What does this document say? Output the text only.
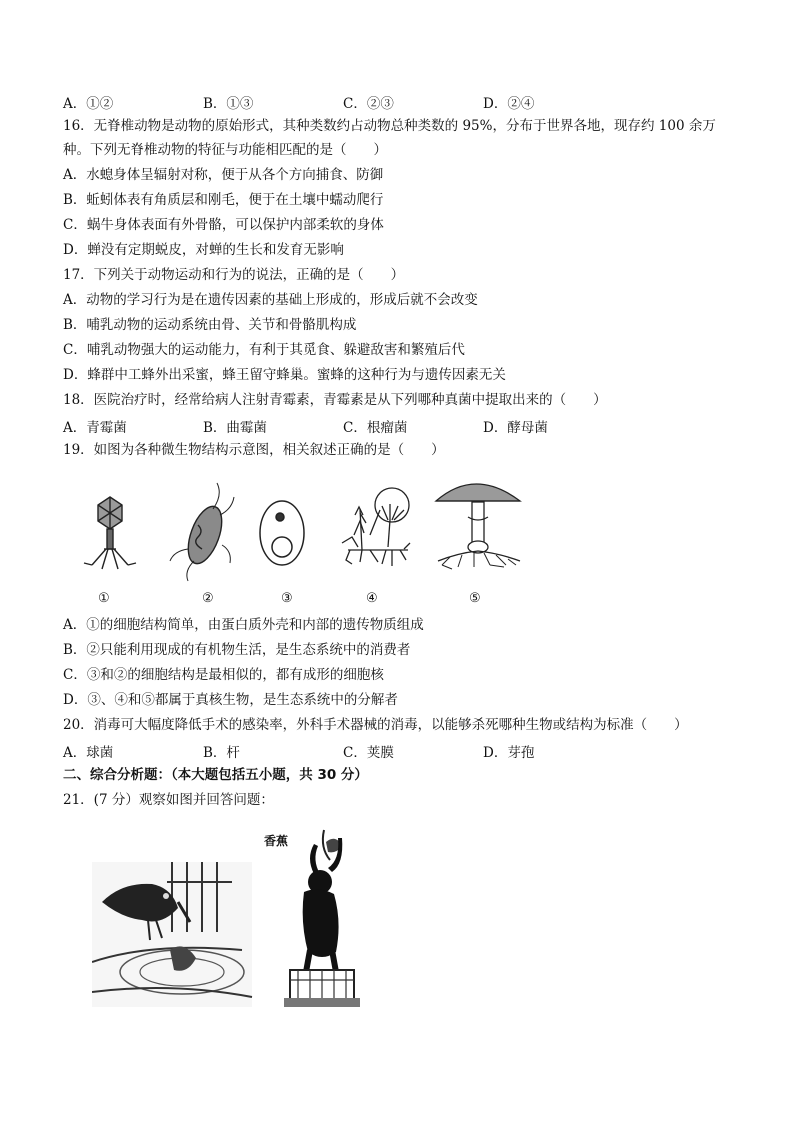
A．①②	B．①③	C．②③	D．②④
16．无脊椎动物是动物的原始形式，其种类数约占动物总种类数的 95%，分布于世界各地，现存约 100 余万
种。下列无脊椎动物的特征与功能相匹配的是（　　）
A．水螅身体呈辐射对称，便于从各个方向捕食、防御
B．蚯蚓体表有角质层和刚毛，便于在土壤中蠕动爬行
C．蜗牛身体表面有外骨骼，可以保护内部柔软的身体
D．蝉没有定期蜕皮，对蝉的生长和发育无影响
17．下列关于动物运动和行为的说法，正确的是（　　）
A．动物的学习行为是在遗传因素的基础上形成的，形成后就不会改变
B．哺乳动物的运动系统由骨、关节和骨骼肌构成
C．哺乳动物强大的运动能力，有利于其觅食、躲避敌害和繁殖后代
D．蜂群中工蜂外出采蜜，蜂王留守蜂巢。蜜蜂的这种行为与遗传因素无关
18．医院治疗时，经常给病人注射青霉素，青霉素是从下列哪种真菌中提取出来的（　　）
A．青霉菌	B．曲霉菌	C．根瘤菌	D．酵母菌
19．如图为各种微生物结构示意图，相关叙述正确的是（　　）
①	②	③	④	⑤
A．①的细胞结构简单，由蛋白质外壳和内部的遗传物质组成
B．②只能利用现成的有机物生活，是生态系统中的消费者
C．③和②的细胞结构是最相似的，都有成形的细胞核
D．③、④和⑤都属于真核生物，是生态系统中的分解者
20．消毒可大幅度降低手术的感染率，外科手术器械的消毒，以能够杀死哪种生物或结构为标准（　　）
A．球菌	B．杆	C．荚膜	D．芽孢
二、综合分析题：（本大题包括五小题，共 30 分）
21．(7 分）观察如图并回答问题：
香蕉
